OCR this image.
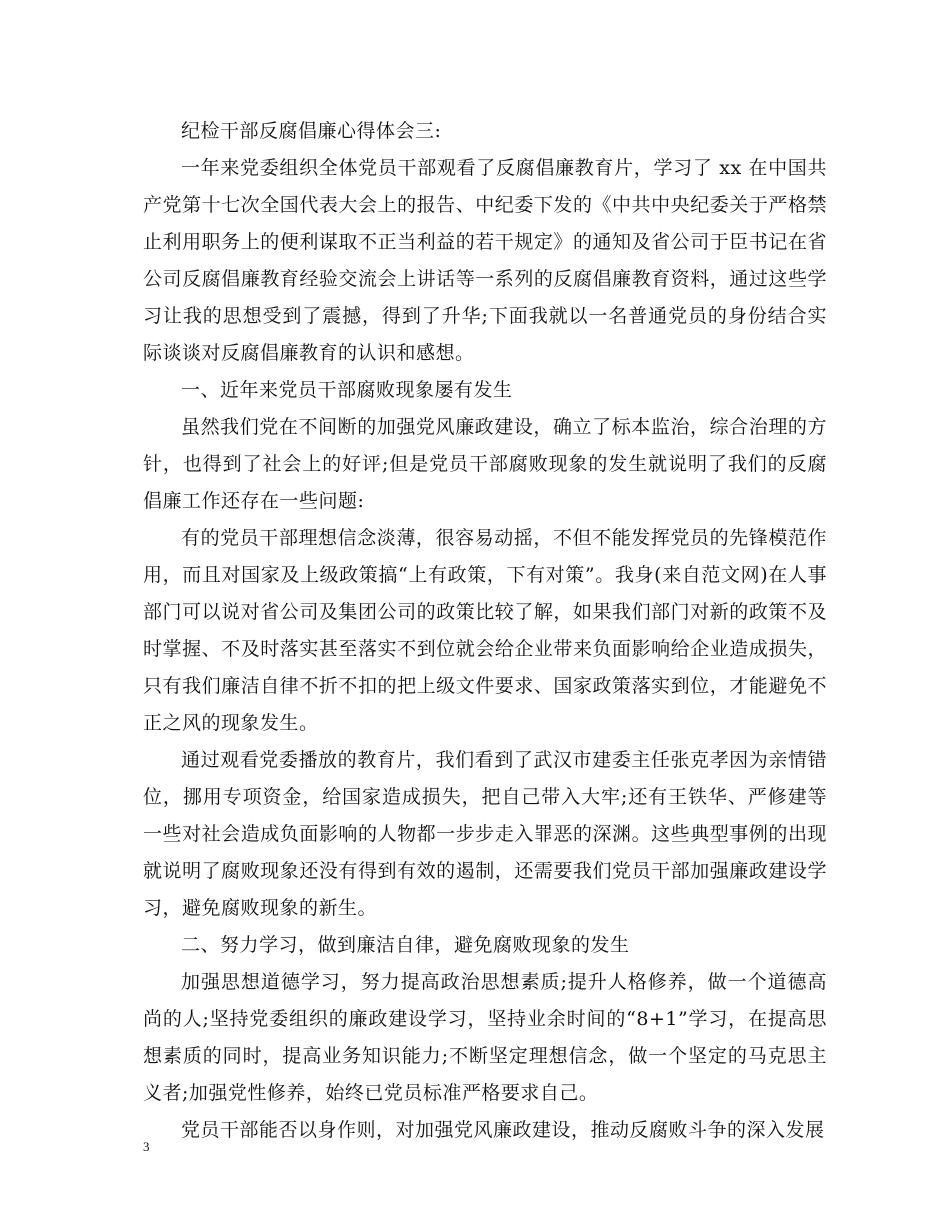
纪检干部反腐倡廉心得体会三:

一年来党委组织全体党员干部观看了反腐倡廉教育片，学习了 xx 在中国共产党第十七次全国代表大会上的报告、中纪委下发的《中共中央纪委关于严格禁止利用职务上的便利谋取不正当利益的若干规定》的通知及省公司于臣书记在省公司反腐倡廉教育经验交流会上讲话等一系列的反腐倡廉教育资料，通过这些学习让我的思想受到了震撼，得到了升华;下面我就以一名普通党员的身份结合实际谈谈对反腐倡廉教育的认识和感想。

一、近年来党员干部腐败现象屡有发生

虽然我们党在不间断的加强党风廉政建设，确立了标本监治，综合治理的方针，也得到了社会上的好评;但是党员干部腐败现象的发生就说明了我们的反腐倡廉工作还存在一些问题:

有的党员干部理想信念淡薄，很容易动摇，不但不能发挥党员的先锋模范作用，而且对国家及上级政策搞“上有政策，下有对策”。我身(来自范文网)在人事部门可以说对省公司及集团公司的政策比较了解，如果我们部门对新的政策不及时掌握、不及时落实甚至落实不到位就会给企业带来负面影响给企业造成损失，只有我们廉洁自律不折不扣的把上级文件要求、国家政策落实到位，才能避免不正之风的现象发生。

通过观看党委播放的教育片，我们看到了武汉市建委主任张克孝因为亲情错位，挪用专项资金，给国家造成损失，把自己带入大牢;还有王铁华、严修建等一些对社会造成负面影响的人物都一步步走入罪恶的深渊。这些典型事例的出现就说明了腐败现象还没有得到有效的遏制，还需要我们党员干部加强廉政建设学习，避免腐败现象的新生。

二、努力学习，做到廉洁自律，避免腐败现象的发生

加强思想道德学习，努力提高政治思想素质;提升人格修养，做一个道德高尚的人;坚持党委组织的廉政建设学习，坚持业余时间的“8+1”学习，在提高思想素质的同时，提高业务知识能力;不断坚定理想信念，做一个坚定的马克思主义者;加强党性修养，始终已党员标准严格要求自己。

党员干部能否以身作则，对加强党风廉政建设，推动反腐败斗争的深入发展

3
